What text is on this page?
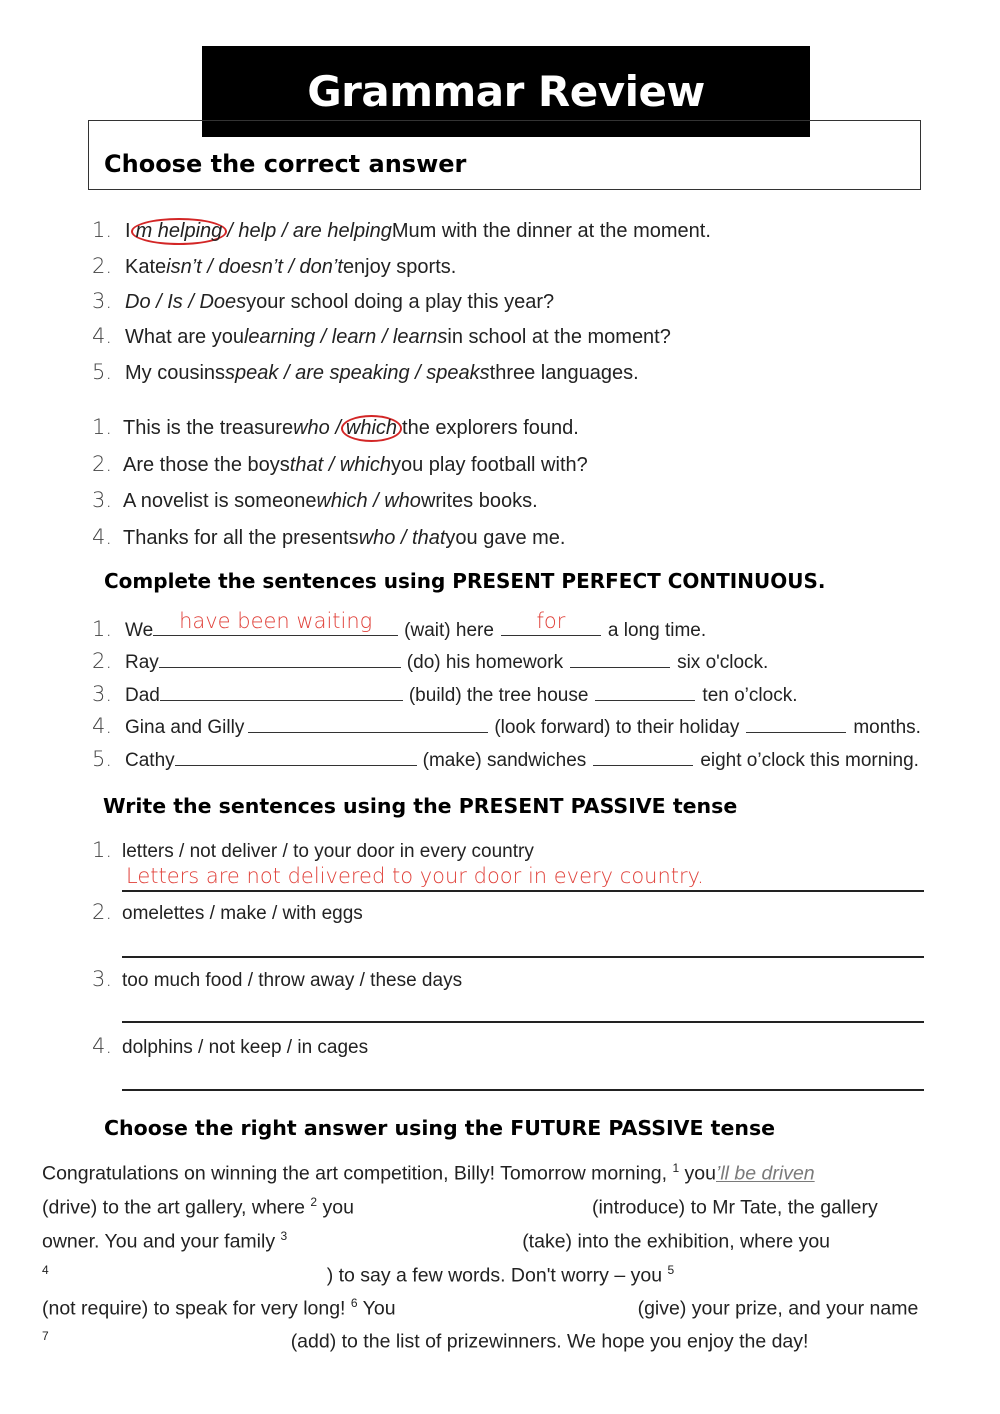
Grammar Review
Choose the correct answer
1. I m helping / help / are helping Mum with the dinner at the moment.
2. Kate isn’t / doesn’t / don’t enjoy sports.
3. Do / Is / Does your school doing a play this year?
4. What are you learning / learn / learns in school at the moment?
5. My cousins speak / are speaking / speaks three languages.
1. This is the treasure who / which the explorers found.
2. Are those the boys that / which you play football with?
3. A novelist is someone which / who writes books.
4. Thanks for all the presents who / that you gave me.
Complete the sentences using PRESENT PERFECT CONTINUOUS.
1. We	have been waiting	(wait) here	for	a long time.
2. Ray	(do) his homework	six o'clock.
3. Dad	(build) the tree house	ten o’clock.
4. Gina and Gilly	(look forward) to their holiday	months.
5. Cathy	(make) sandwiches	eight o’clock this morning.
Write the sentences using the PRESENT PASSIVE tense
1. letters / not deliver / to your door in every country
Letters are not delivered to your door in every country.
2. omelettes / make / with eggs
3. too much food / throw away / these days
4. dolphins / not keep / in cages
Choose the right answer using the FUTURE PASSIVE tense
Congratulations on winning the art competition, Billy! Tomorrow morning, $^1$ you’ll be driven
(drive) to the art gallery, where $^2$ you	(introduce) to Mr Tate, the gallery
owner. You and your family $^3$	(take) into the exhibition, where you
$^4$	) to say a few words. Don't worry – you $^5$
(not require) to speak for very long! $^6$ You	(give) your prize, and your name
$^7$	(add) to the list of prizewinners. We hope you enjoy the day!
